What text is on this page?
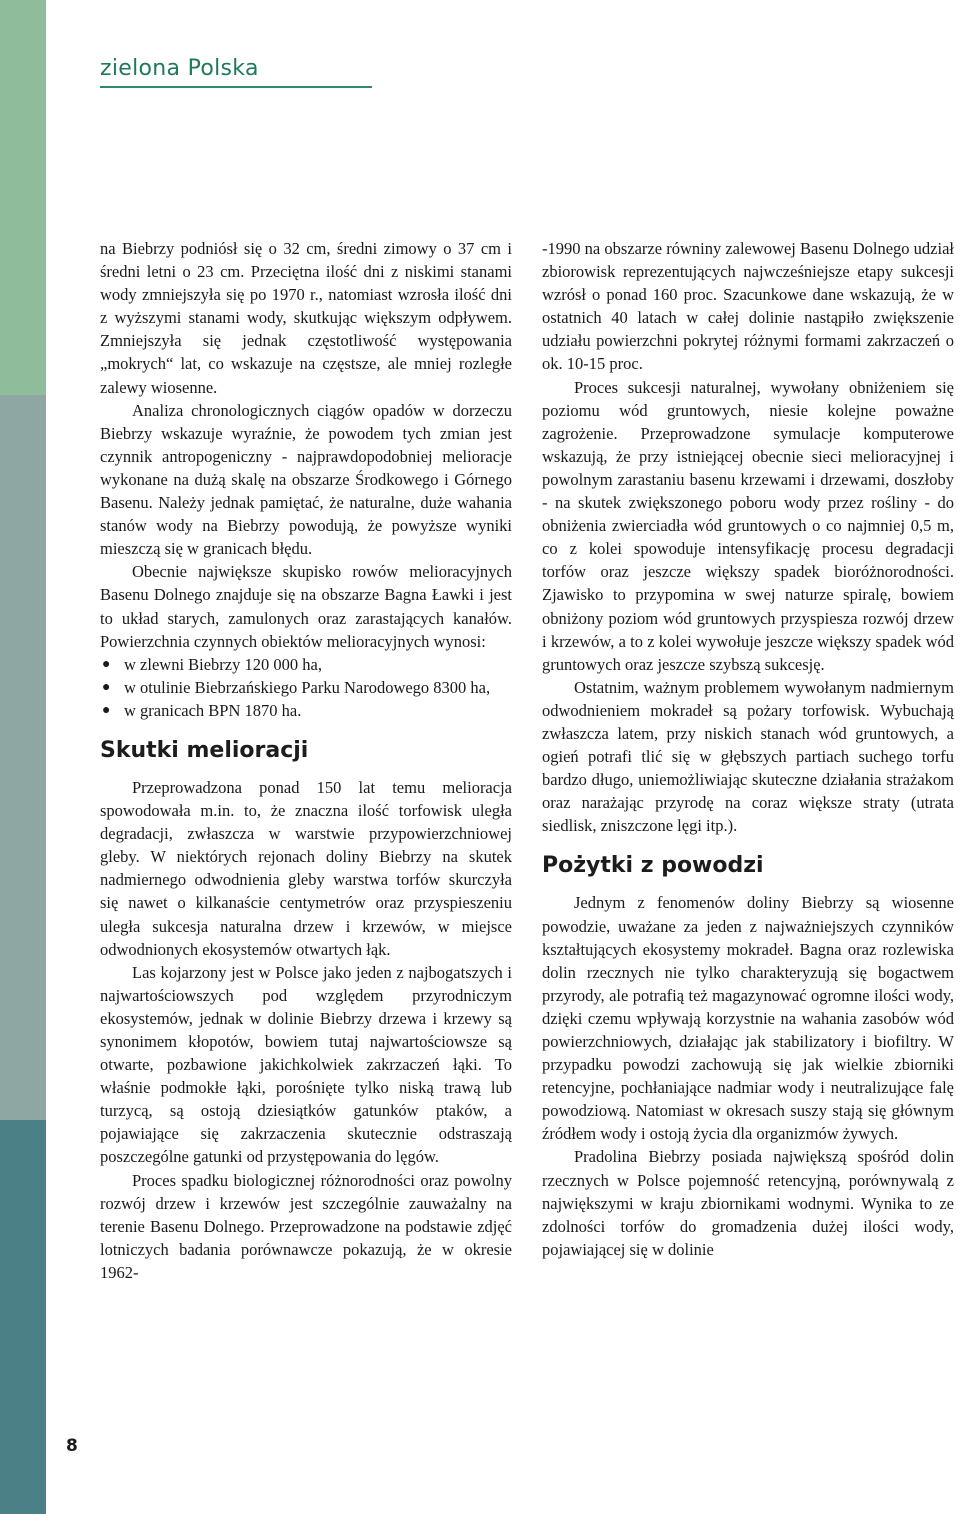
zielona Polska

na Biebrzy podniósł się o 32 cm, średni zimowy o 37 cm i średni letni o 23 cm. Przeciętna ilość dni z niskimi stanami wody zmniejszyła się po 1970 r., natomiast wzrosła ilość dni z wyższymi stanami wody, skutkując większym odpływem. Zmniejszyła się jednak częstotliwość występowania „mokrych“ lat, co wskazuje na częstsze, ale mniej rozległe zalewy wiosenne.

Analiza chronologicznych ciągów opadów w dorzeczu Biebrzy wskazuje wyraźnie, że powodem tych zmian jest czynnik antropogeniczny - najprawdopodobniej melioracje wykonane na dużą skalę na obszarze Środkowego i Górnego Basenu. Należy jednak pamiętać, że naturalne, duże wahania stanów wody na Biebrzy powodują, że powyższe wyniki mieszczą się w granicach błędu.

Obecnie największe skupisko rowów melioracyjnych Basenu Dolnego znajduje się na obszarze Bagna Ławki i jest to układ starych, zamulonych oraz zarastających kanałów. Powierzchnia czynnych obiektów melioracyjnych wynosi:

● w zlewni Biebrzy 120 000 ha,
● w otulinie Biebrzańskiego Parku Narodowego 8300 ha,
● w granicach BPN 1870 ha.
Skutki melioracji

Przeprowadzona ponad 150 lat temu melioracja spowodowała m.in. to, że znaczna ilość torfowisk uległa degradacji, zwłaszcza w warstwie przypowierzchniowej gleby. W niektórych rejonach doliny Biebrzy na skutek nadmiernego odwodnienia gleby warstwa torfów skurczyła się nawet o kilkanaście centymetrów oraz przyspieszeniu uległa sukcesja naturalna drzew i krzewów, w miejsce odwodnionych ekosystemów otwartych łąk.

Las kojarzony jest w Polsce jako jeden z najbogatszych i najwartościowszych pod względem przyrodniczym ekosystemów, jednak w dolinie Biebrzy drzewa i krzewy są synonimem kłopotów, bowiem tutaj najwartościowsze są otwarte, pozbawione jakichkolwiek zakrzaczeń łąki. To właśnie podmokłe łąki, porośnięte tylko niską trawą lub turzycą, są ostoją dziesiątków gatunków ptaków, a pojawiające się zakrzaczenia skutecznie odstraszają poszczególne gatunki od przystępowania do lęgów.

Proces spadku biologicznej różnorodności oraz powolny rozwój drzew i krzewów jest szczególnie zauważalny na terenie Basenu Dolnego. Przeprowadzone na podstawie zdjęć lotniczych badania porównawcze pokazują, że w okresie 1962-

-1990 na obszarze równiny zalewowej Basenu Dolnego udział zbiorowisk reprezentujących najwcześniejsze etapy sukcesji wzrósł o ponad 160 proc. Szacunkowe dane wskazują, że w ostatnich 40 latach w całej dolinie nastąpiło zwiększenie udziału powierzchni pokrytej różnymi formami zakrzaczeń o ok. 10-15 proc.

Proces sukcesji naturalnej, wywołany obniżeniem się poziomu wód gruntowych, niesie kolejne poważne zagrożenie. Przeprowadzone symulacje komputerowe wskazują, że przy istniejącej obecnie sieci melioracyjnej i powolnym zarastaniu basenu krzewami i drzewami, doszłoby - na skutek zwiększonego poboru wody przez rośliny - do obniżenia zwierciadła wód gruntowych o co najmniej 0,5 m, co z kolei spowoduje intensyfikację procesu degradacji torfów oraz jeszcze większy spadek bioróżnorodności. Zjawisko to przypomina w swej naturze spiralę, bowiem obniżony poziom wód gruntowych przyspiesza rozwój drzew i krzewów, a to z kolei wywołuje jeszcze większy spadek wód gruntowych oraz jeszcze szybszą sukcesję.

Ostatnim, ważnym problemem wywołanym nadmiernym odwodnieniem mokradeł są pożary torfowisk. Wybuchają zwłaszcza latem, przy niskich stanach wód gruntowych, a ogień potrafi tlić się w głębszych partiach suchego torfu bardzo długo, uniemożliwiając skuteczne działania strażakom oraz narażając przyrodę na coraz większe straty (utrata siedlisk, zniszczone lęgi itp.).

Pożytki z powodzi

Jednym z fenomenów doliny Biebrzy są wiosenne powodzie, uważane za jeden z najważniejszych czynników kształtujących ekosystemy mokradeł. Bagna oraz rozlewiska dolin rzecznych nie tylko charakteryzują się bogactwem przyrody, ale potrafią też magazynować ogromne ilości wody, dzięki czemu wpływają korzystnie na wahania zasobów wód powierzchniowych, działając jak stabilizatory i biofiltry. W przypadku powodzi zachowują się jak wielkie zbiorniki retencyjne, pochłaniające nadmiar wody i neutralizujące falę powodziową. Natomiast w okresach suszy stają się głównym źródłem wody i ostoją życia dla organizmów żywych.

Pradolina Biebrzy posiada największą spośród dolin rzecznych w Polsce pojemność retencyjną, porównywalą z największymi w kraju zbiornikami wodnymi. Wynika to ze zdolności torfów do gromadzenia dużej ilości wody, pojawiającej się w dolinie

8
